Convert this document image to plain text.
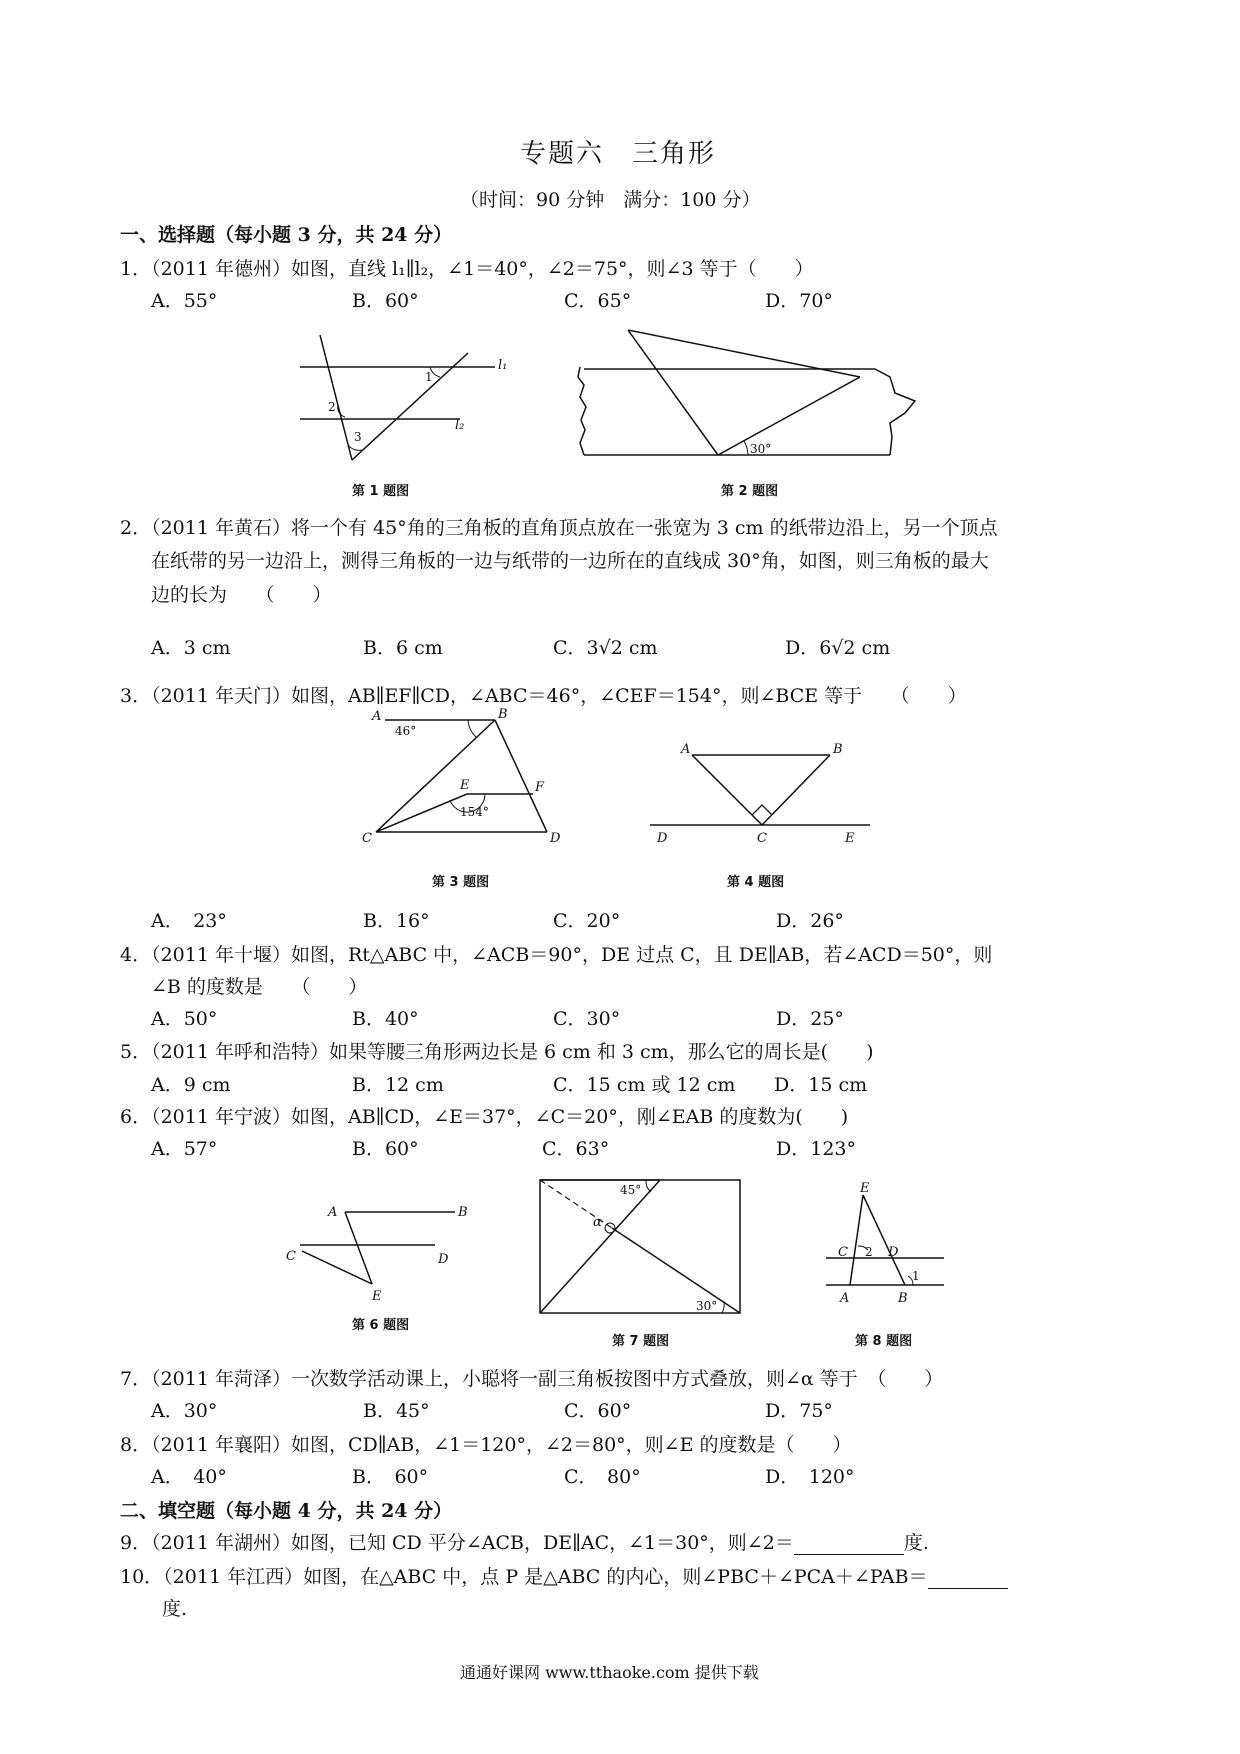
专题六　三角形
（时间：90 分钟　满分：100 分）
一、选择题（每小题 3 分，共 24 分）
1．（2011 年德州）如图，直线 l₁∥l₂，∠1＝40°，∠2＝75°，则∠3 等于（　　）
A．55°	B．60°	C．65°	D．70°
l₁
l₂
1
2
3
第 1 题图
30°
第 2 题图
2．（2011 年黄石）将一个有 45°角的三角板的直角顶点放在一张宽为 3 cm 的纸带边沿上，另一个顶点
在纸带的另一边沿上，测得三角板的一边与纸带的一边所在的直线成 30°角，如图，则三角板的最大
边的长为　　（　　）
A．3 cm	B．6 cm	C．3√2 cm	D．6√2 cm
3．（2011 年天门）如图，AB∥EF∥CD，∠ABC＝46°，∠CEF＝154°，则∠BCE 等于　　（　　）
A	B
C	D
E	F
46°
154°
第 3 题图
A	B
C
D	E
第 4 题图
A．　23°	B．16°	C．20°	D．26°
4．（2011 年十堰）如图，Rt△ABC 中，∠ACB＝90°，DE 过点 C，且 DE∥AB，若∠ACD＝50°，则
∠B 的度数是　　（　　）
A．50°	B．40°	C．30°	D．25°
5．（2011 年呼和浩特）如果等腰三角形两边长是 6 cm 和 3 cm，那么它的周长是(　　)
A．9 cm	B．12 cm	C．15 cm 或 12 cm D．15 cm
6．（2011 年宁波）如图，AB∥CD，∠E＝37°，∠C＝20°，刚∠EAB 的度数为(　　)
A．57°	B．60°	C．63°	D．123°
A	B
C	D
E
第 6 题图
45°
30°
α
第 7 题图
E
C	D
A	B
2
1
第 8 题图
7．（2011 年菏泽）一次数学活动课上，小聪将一副三角板按图中方式叠放，则∠α 等于　（　　）
A．30°	B．45°	C．60°	D．75°
8．（2011 年襄阳）如图，CD∥AB，∠1＝120°，∠2＝80°，则∠E 的度数是（　　）
A．　40°	B．　60°	C．　80°	D．　120°
二、填空题（每小题 4 分，共 24 分）
9．（2011 年湖州）如图，已知 CD 平分∠ACB，DE∥AC，∠1＝30°，则∠2＝	度.
10．（2011 年江西）如图，在△ABC 中，点 P 是△ABC 的内心，则∠PBC＋∠PCA＋∠PAB＝
度.
通通好课网 www.tthaoke.com 提供下载
